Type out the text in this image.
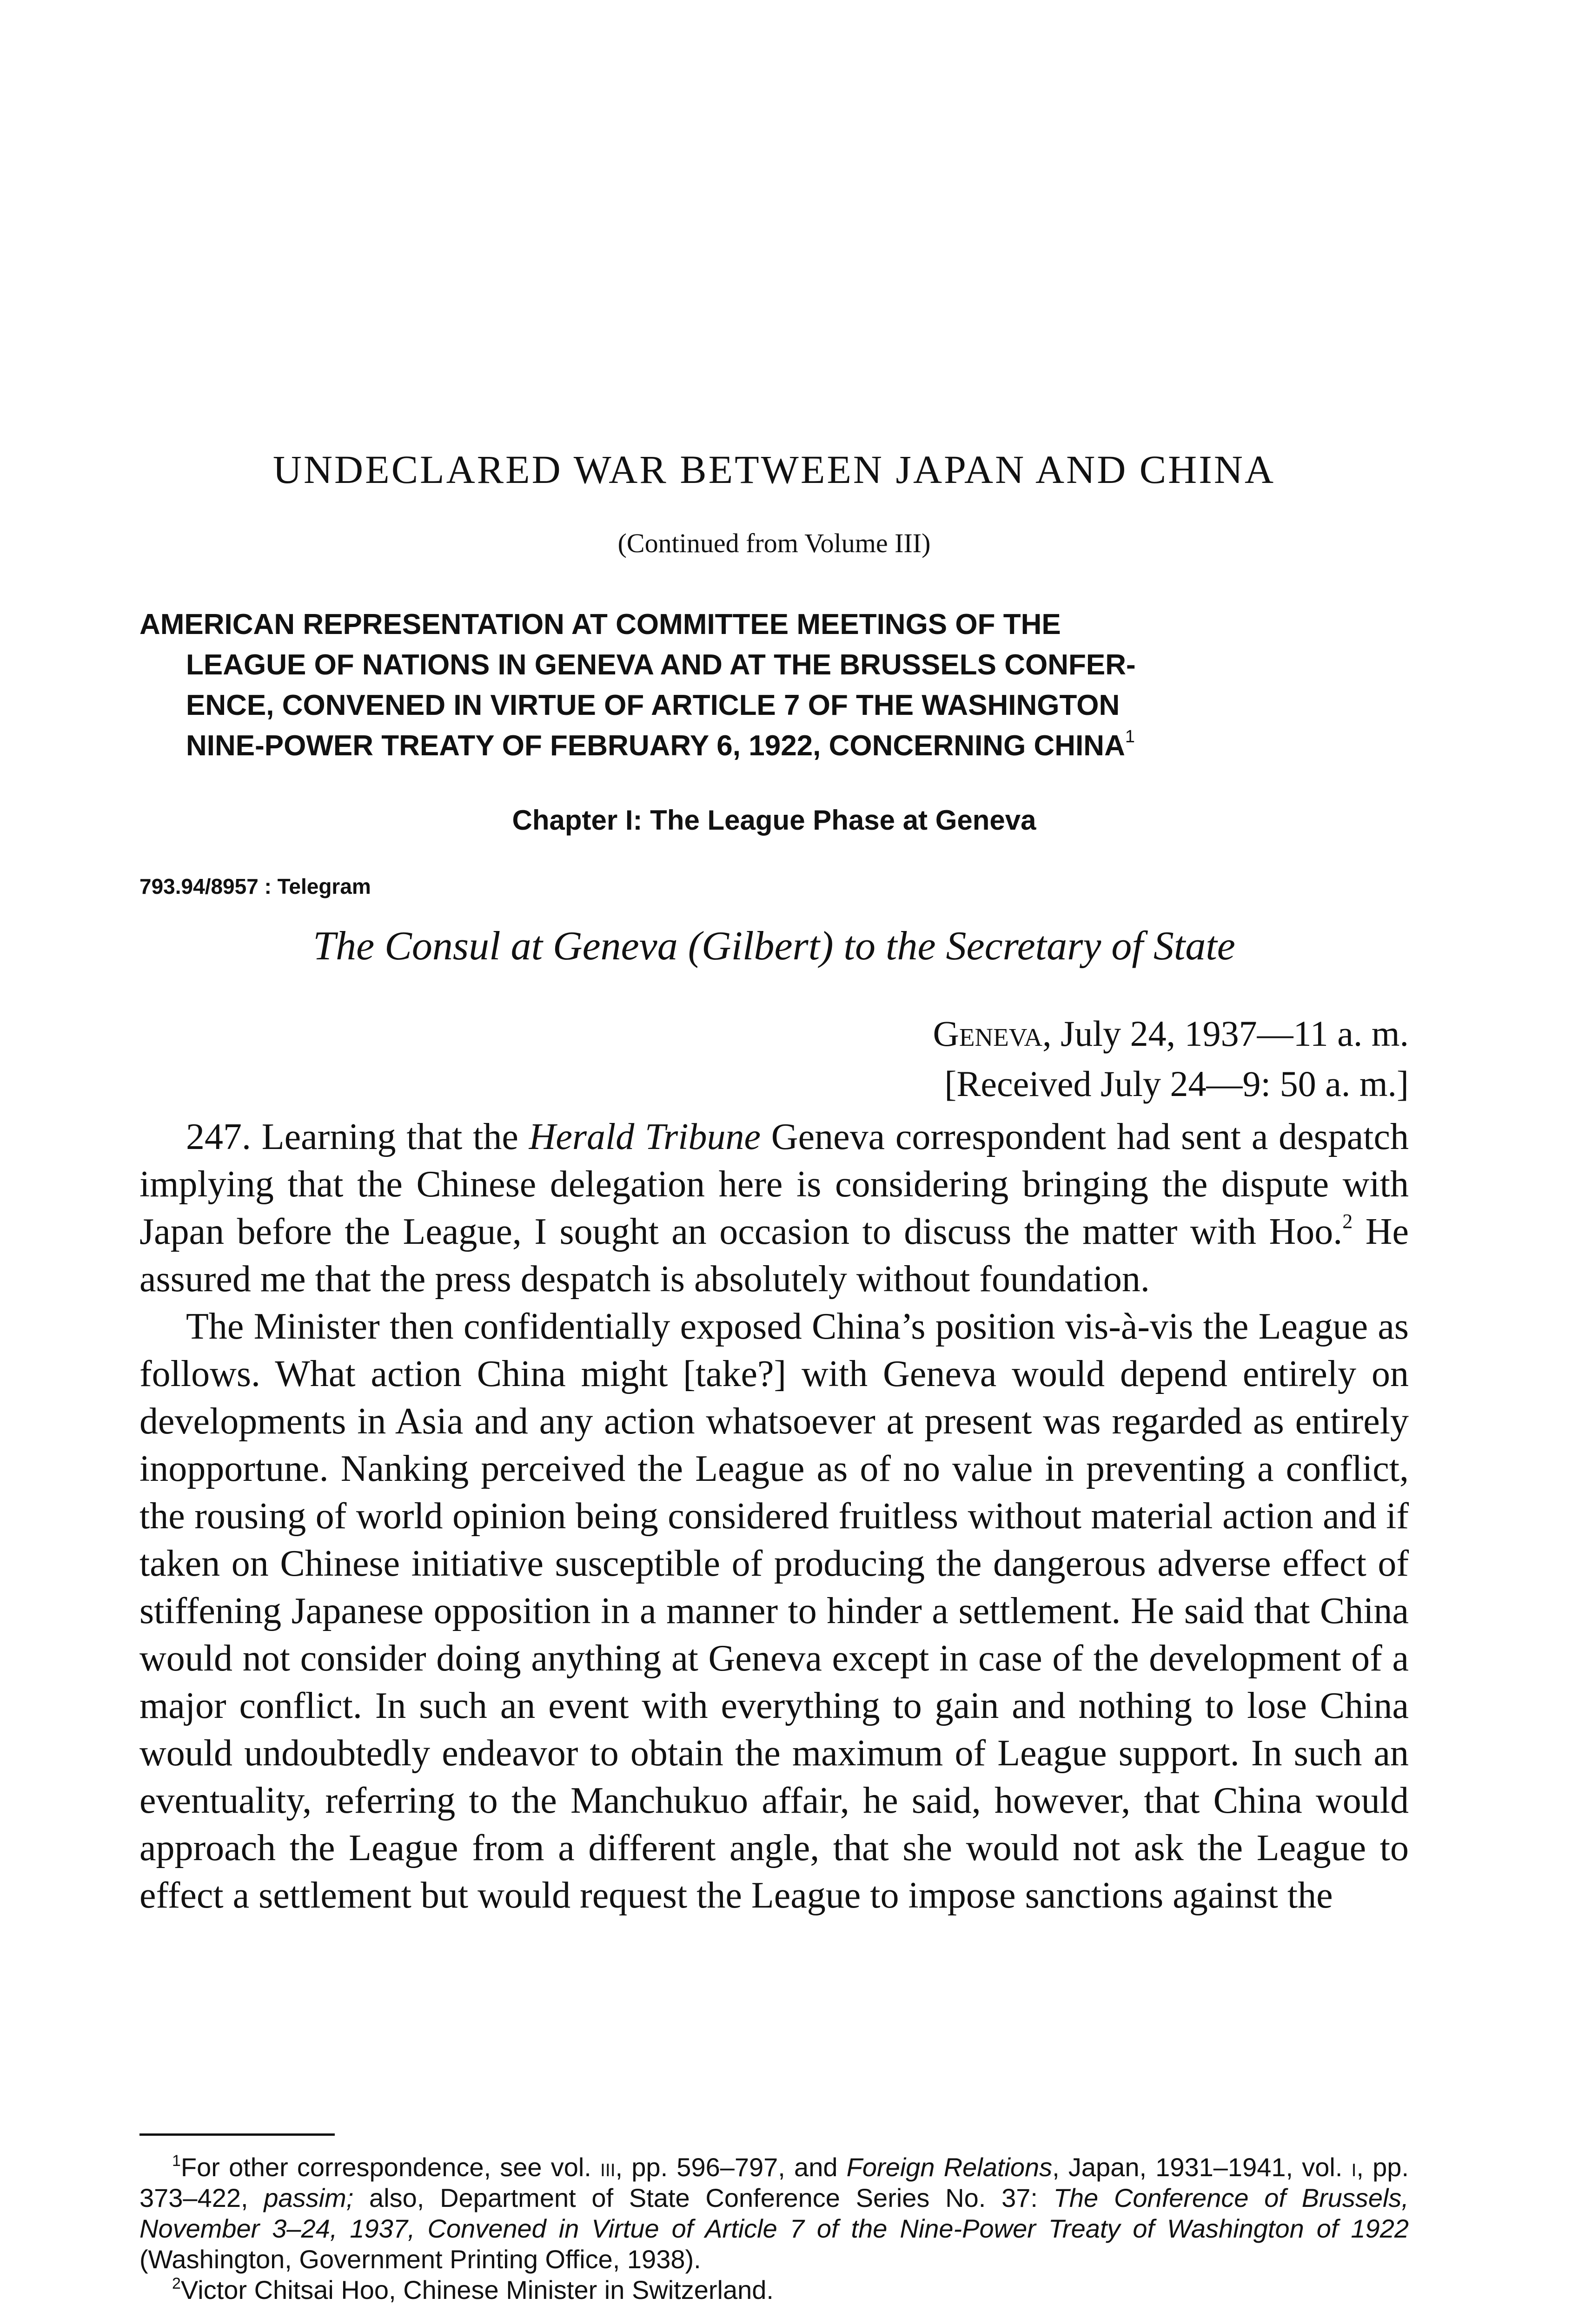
UNDECLARED WAR BETWEEN JAPAN AND CHINA
(Continued from Volume III)
AMERICAN REPRESENTATION AT COMMITTEE MEETINGS OF THE
LEAGUE OF NATIONS IN GENEVA AND AT THE BRUSSELS CONFER-
ENCE, CONVENED IN VIRTUE OF ARTICLE 7 OF THE WASHINGTON
NINE-POWER TREATY OF FEBRUARY 6, 1922, CONCERNING CHINA$^1$
Chapter I: The League Phase at Geneva
793.94/8957 : Telegram
The Consul at Geneva (Gilbert) to the Secretary of State
Geneva, July 24, 1937—11 a. m.
[Received July 24—9: 50 a. m.]

247. Learning that the Herald Tribune Geneva correspondent had sent a despatch implying that the Chinese delegation here is considering bringing the dispute with Japan before the League, I sought an occasion to discuss the matter with Hoo.$^2$ He assured me that the press despatch is absolutely without foundation.

The Minister then confidentially exposed China’s position vis-à-vis the League as follows. What action China might [take?] with Geneva would depend entirely on developments in Asia and any action whatsoever at present was regarded as entirely inopportune. Nanking perceived the League as of no value in preventing a conflict, the rousing of world opinion being considered fruitless without material action and if taken on Chinese initiative susceptible of producing the dangerous adverse effect of stiffening Japanese opposition in a manner to hinder a settlement. He said that China would not consider doing anything at Geneva except in case of the development of a major conflict. In such an event with everything to gain and nothing to lose China would undoubtedly endeavor to obtain the maximum of League support. In such an eventuality, referring to the Manchukuo affair, he said, however, that China would approach the League from a different angle, that she would not ask the League to effect a settlement but would request the League to impose sanctions against the

$^1$For other correspondence, see vol. iii, pp. 596–797, and Foreign Relations, Japan, 1931–1941, vol. i, pp. 373–422, passim; also, Department of State Conference Series No. 37: The Conference of Brussels, November 3–24, 1937, Convened in Virtue of Article 7 of the Nine-Power Treaty of Washington of 1922 (Washington, Government Printing Office, 1938).

$^2$Victor Chitsai Hoo, Chinese Minister in Switzerland.
